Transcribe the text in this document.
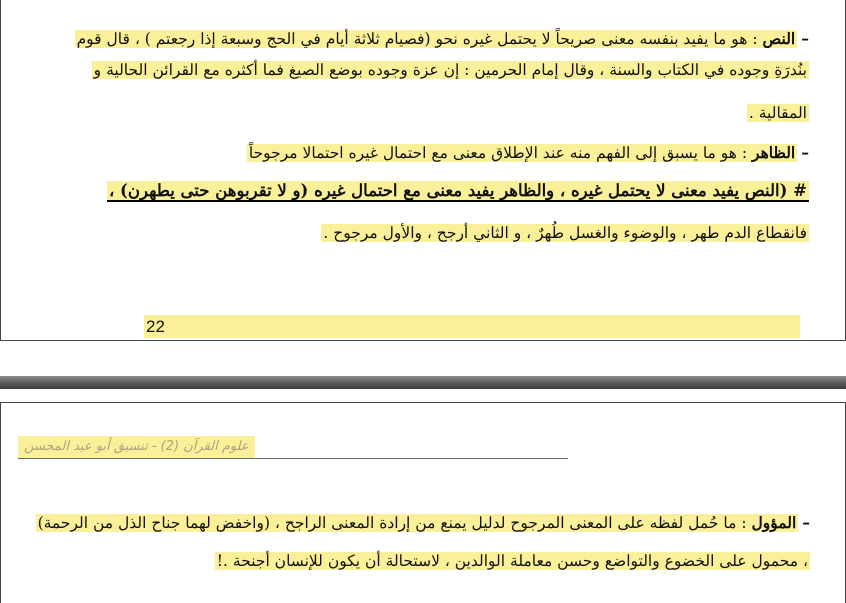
–النص : هو ما يفيد بنفسه معنى صريحاً لا يحتمل غيره نحو (فصيام ثلاثة أيام في الحج وسبعة إذا رجعتم ) ، قال قوم
بنُدرَةِ وجوده في الكتاب والسنة ، وقال إمام الحرمين : إن عزة وجوده بوضع الصيغ فما أكثره مع القرائن الحالية و
المقالية .
–الظاهر : هو ما يسبق إلى الفهم منه عند الإطلاق معنى مع احتمال غيره احتمالا مرجوحاً
# (النص يفيد معنى لا يحتمل غيره ، والظاهر يفيد معنى مع احتمال غيره (و لا تقربوهن حتى يطهرن) ،
فانقطاع الدم طهر ، والوضوء والغسل طُهرٌ ، و الثاني أرجح ، والأول مرجوح .
22
علوم القرآن (2) - تنسيق أبو عبد المحسن
–المؤول : ما حُمل لفظه على المعنى المرجوح لدليل يمنع من إرادة المعنى الراجح ، (واخفض لهما جناح الذل من الرحمة)
، محمول على الخضوع والتواضع وحسن معاملة الوالدين ، لاستحالة أن يكون للإنسان أجنحة .!
